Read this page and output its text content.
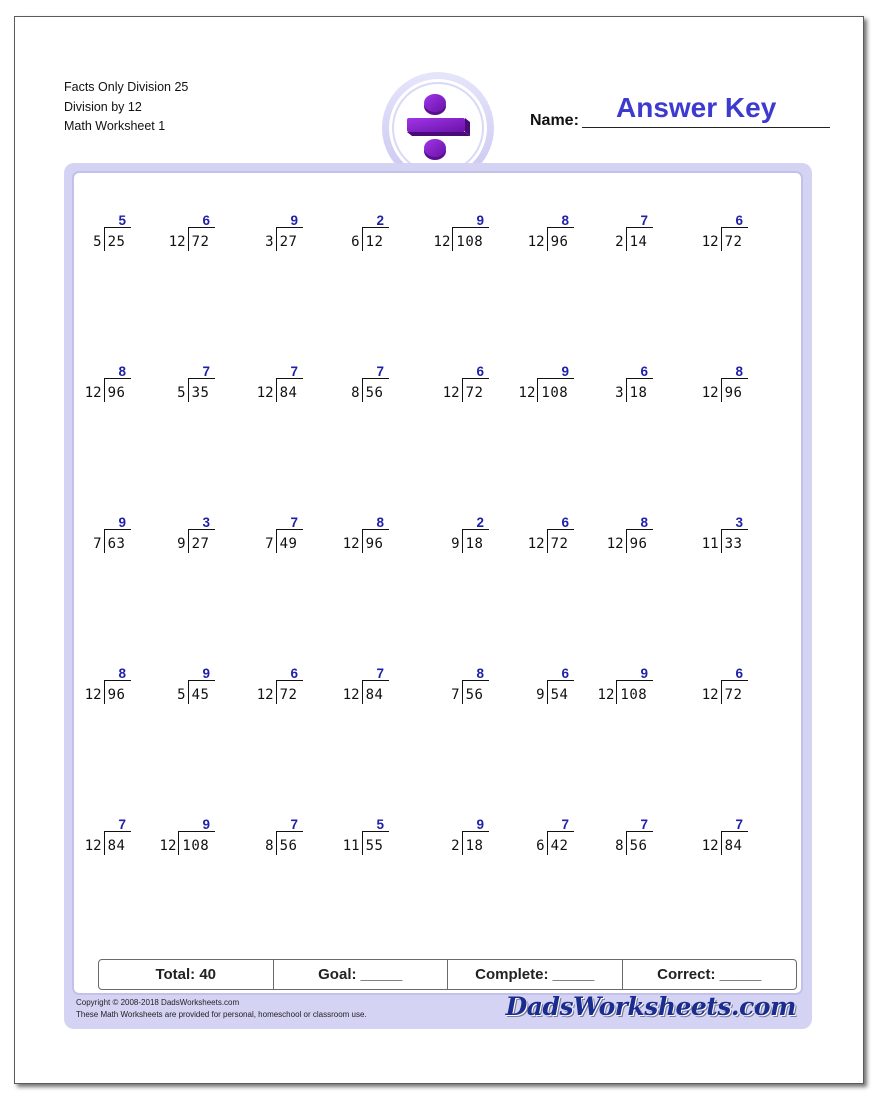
Facts Only Division 25
Division by 12
Math Worksheet 1	Name: Answer Key
5
5 25
6
12 72
9
3 27
2
6 12
9
12 108
8
12 96
7
2 14
6
12 72
8
12 96
7
5 35
7
12 84
7
8 56
6
12 72
9
12 108
6
3 18
8
12 96
9
7 63
3
9 27
7
7 49
8
12 96
2
9 18
6
12 72
8
12 96
3
11 33
8
12 96
9
5 45
6
12 72
7
12 84
8
7 56
6
9 54
9
12 108
6
12 72
7
12 84
9
12 108
7
8 56
5
11 55
9
2 18
7
6 42
7
8 56
7
12 84
Total: 40	Goal: _____	Complete: _____	Correct: _____
Copyright © 2008-2018 DadsWorksheets.com
These Math Worksheets are provided for personal, homeschool or classroom use.	DadsWorksheets.com
